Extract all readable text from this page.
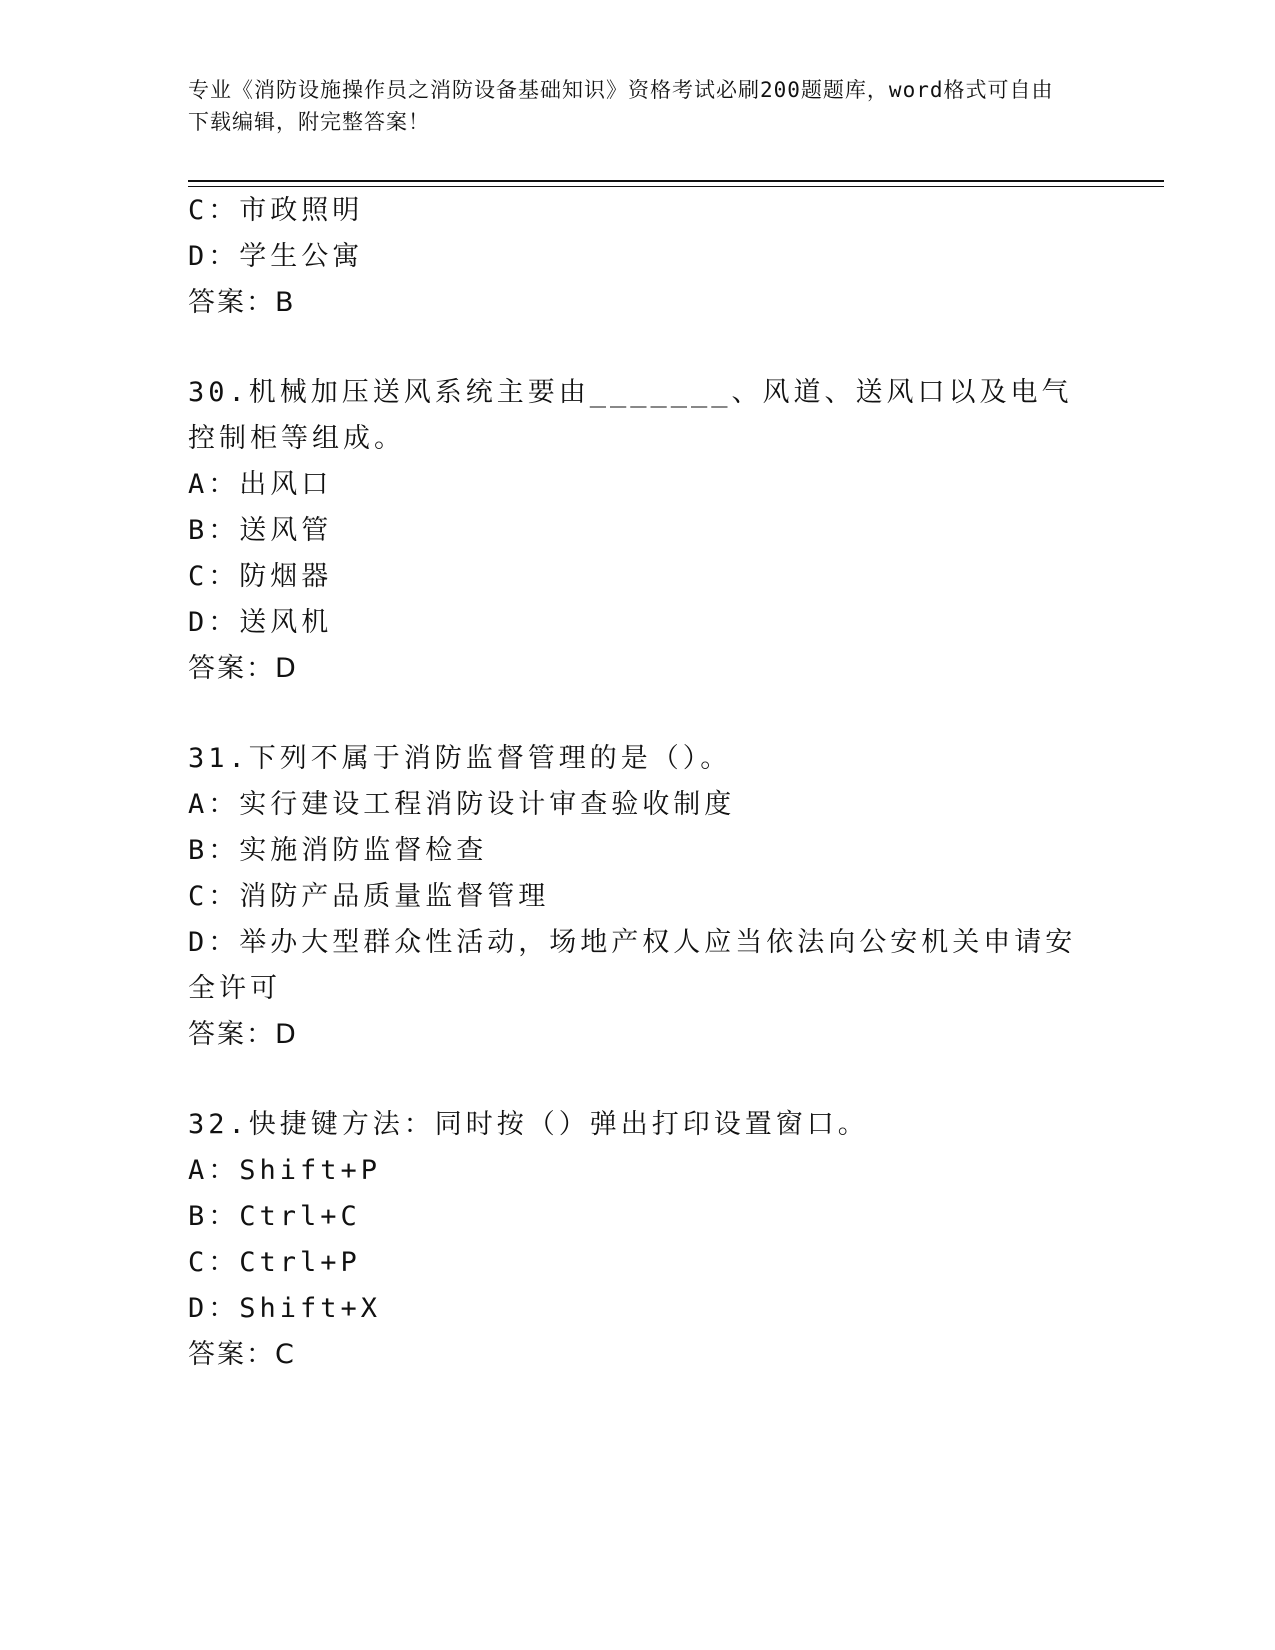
专业《消防设施操作员之消防设备基础知识》资格考试必刷200题题库，word格式可自由下载编辑，附完整答案！
C：市政照明
D：学生公寓
答案：B
30.机械加压送风系统主要由_______、风道、送风口以及电气控制柜等组成。
A：出风口
B：送风管
C：防烟器
D：送风机
答案：D
31.下列不属于消防监督管理的是（）。
A：实行建设工程消防设计审查验收制度
B：实施消防监督检查
C：消防产品质量监督管理
D：举办大型群众性活动，场地产权人应当依法向公安机关申请安全许可
答案：D
32.快捷键方法：同时按（）弹出打印设置窗口。
A：Shift+P
B：Ctrl+C
C：Ctrl+P
D：Shift+X
答案：C
